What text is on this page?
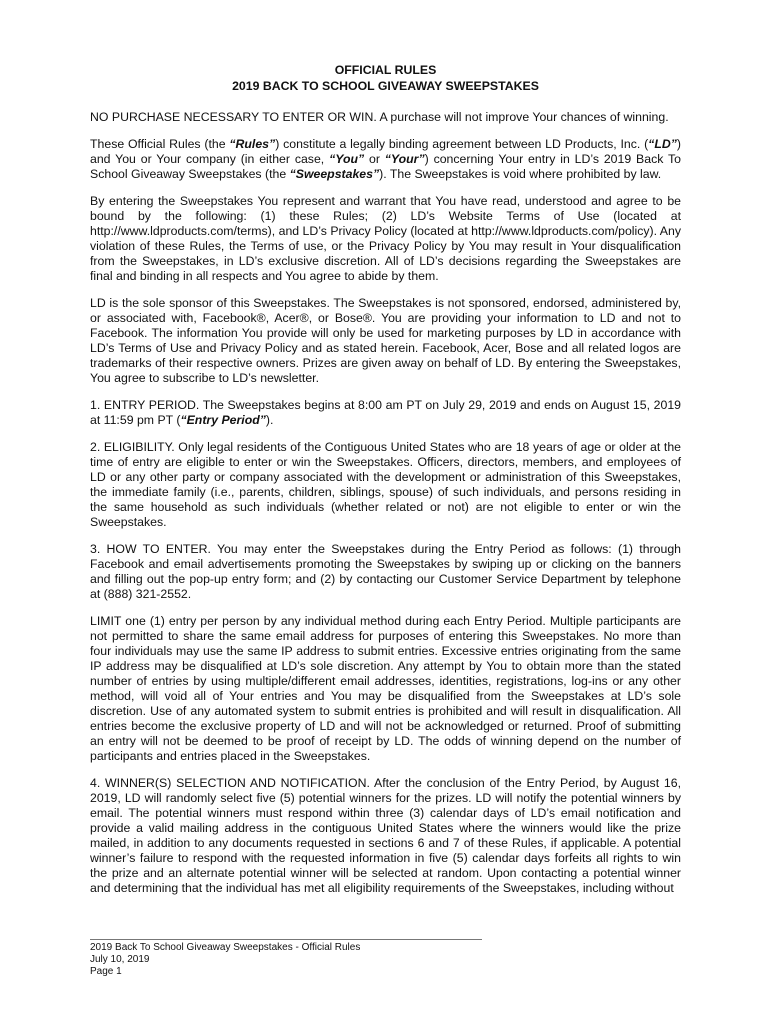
OFFICIAL RULES

2019 BACK TO SCHOOL GIVEAWAY SWEEPSTAKES

NO PURCHASE NECESSARY TO ENTER OR WIN. A purchase will not improve Your chances of winning.

These Official Rules (the “Rules”) constitute a legally binding agreement between LD Products, Inc. (“LD”) and You or Your company (in either case, “You” or “Your”) concerning Your entry in LD’s 2019 Back To School Giveaway Sweepstakes (the “Sweepstakes”). The Sweepstakes is void where prohibited by law.

By entering the Sweepstakes You represent and warrant that You have read, understood and agree to be bound by the following: (1) these Rules; (2) LD’s Website Terms of Use (located at http://www.ldproducts.com/terms), and LD’s Privacy Policy (located at http://www.ldproducts.com/policy). Any violation of these Rules, the Terms of use, or the Privacy Policy by You may result in Your disqualification from the Sweepstakes, in LD’s exclusive discretion. All of LD’s decisions regarding the Sweepstakes are final and binding in all respects and You agree to abide by them.

LD is the sole sponsor of this Sweepstakes. The Sweepstakes is not sponsored, endorsed, administered by, or associated with, Facebook®, Acer®, or Bose®. You are providing your information to LD and not to Facebook. The information You provide will only be used for marketing purposes by LD in accordance with LD’s Terms of Use and Privacy Policy and as stated herein. Facebook, Acer, Bose and all related logos are trademarks of their respective owners. Prizes are given away on behalf of LD. By entering the Sweepstakes, You agree to subscribe to LD’s newsletter.

1. ENTRY PERIOD. The Sweepstakes begins at 8:00 am PT on July 29, 2019 and ends on August 15, 2019 at 11:59 pm PT (“Entry Period”).

2. ELIGIBILITY. Only legal residents of the Contiguous United States who are 18 years of age or older at the time of entry are eligible to enter or win the Sweepstakes. Officers, directors, members, and employees of LD or any other party or company associated with the development or administration of this Sweepstakes, the immediate family (i.e., parents, children, siblings, spouse) of such individuals, and persons residing in the same household as such individuals (whether related or not) are not eligible to enter or win the Sweepstakes.

3. HOW TO ENTER. You may enter the Sweepstakes during the Entry Period as follows: (1) through Facebook and email advertisements promoting the Sweepstakes by swiping up or clicking on the banners and filling out the pop-up entry form; and (2) by contacting our Customer Service Department by telephone at (888) 321-2552.

LIMIT one (1) entry per person by any individual method during each Entry Period. Multiple participants are not permitted to share the same email address for purposes of entering this Sweepstakes. No more than four individuals may use the same IP address to submit entries. Excessive entries originating from the same IP address may be disqualified at LD’s sole discretion. Any attempt by You to obtain more than the stated number of entries by using multiple/different email addresses, identities, registrations, log-ins or any other method, will void all of Your entries and You may be disqualified from the Sweepstakes at LD’s sole discretion. Use of any automated system to submit entries is prohibited and will result in disqualification. All entries become the exclusive property of LD and will not be acknowledged or returned. Proof of submitting an entry will not be deemed to be proof of receipt by LD. The odds of winning depend on the number of participants and entries placed in the Sweepstakes.

4. WINNER(S) SELECTION AND NOTIFICATION. After the conclusion of the Entry Period, by August 16, 2019, LD will randomly select five (5) potential winners for the prizes. LD will notify the potential winners by email. The potential winners must respond within three (3) calendar days of LD’s email notification and provide a valid mailing address in the contiguous United States where the winners would like the prize mailed, in addition to any documents requested in sections 6 and 7 of these Rules, if applicable. A potential winner’s failure to respond with the requested information in five (5) calendar days forfeits all rights to win the prize and an alternate potential winner will be selected at random. Upon contacting a potential winner and determining that the individual has met all eligibility requirements of the Sweepstakes, including without

2019 Back To School Giveaway Sweepstakes - Official Rules
July 10, 2019
Page 1
